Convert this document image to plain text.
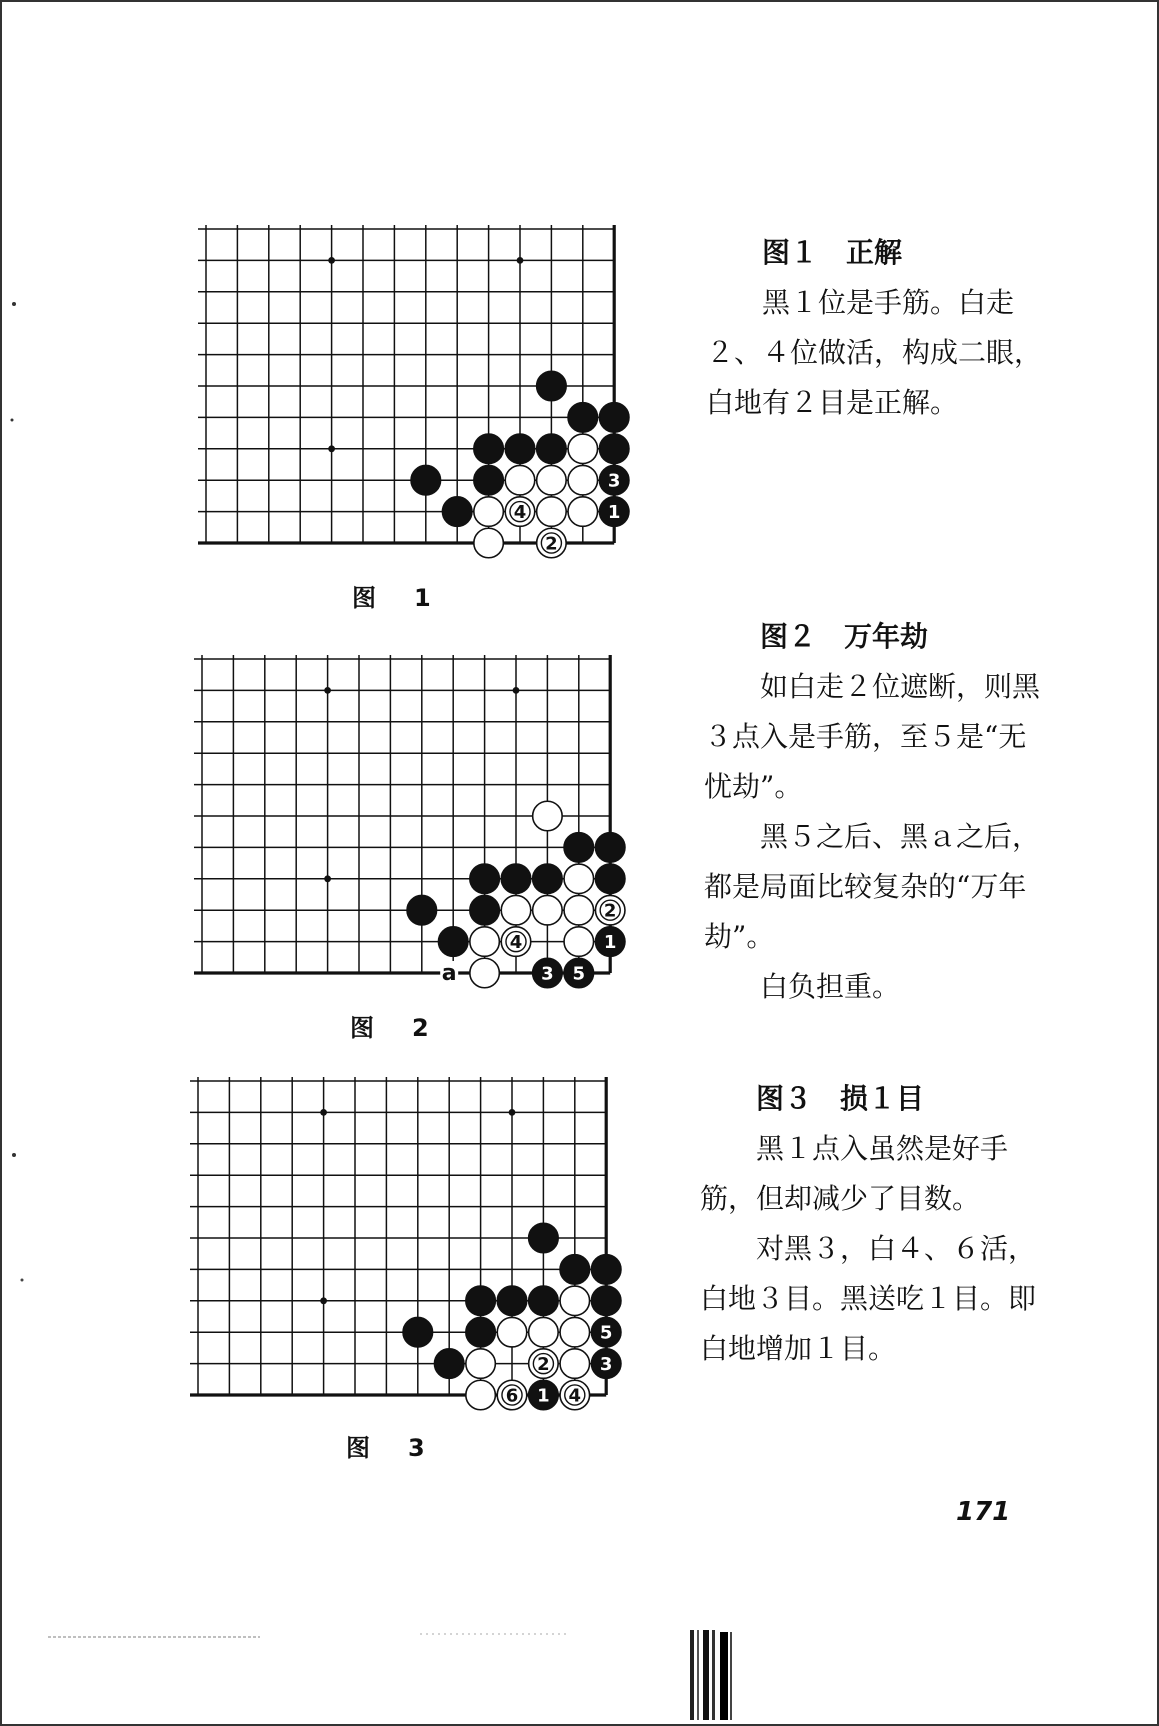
3
4	1
2
图 1

图１　正解

黑１位是手筋。白走２、４位做活，构成二眼，白地有２目是正解。

2
4	1
3 5
a
图 2

图２　万年劫

如白走２位遮断，则黑３点入是手筋，至５是“无忧劫”。

黑５之后、黑ａ之后，都是局面比较复杂的“万年劫”。

白负担重。

5
2	3
6 1 4
图 3

图３　损１目

黑１点入虽然是好手筋，但却减少了目数。

对黑３，白４、６活，白地３目。黑送吃１目。即白地增加１目。

171
